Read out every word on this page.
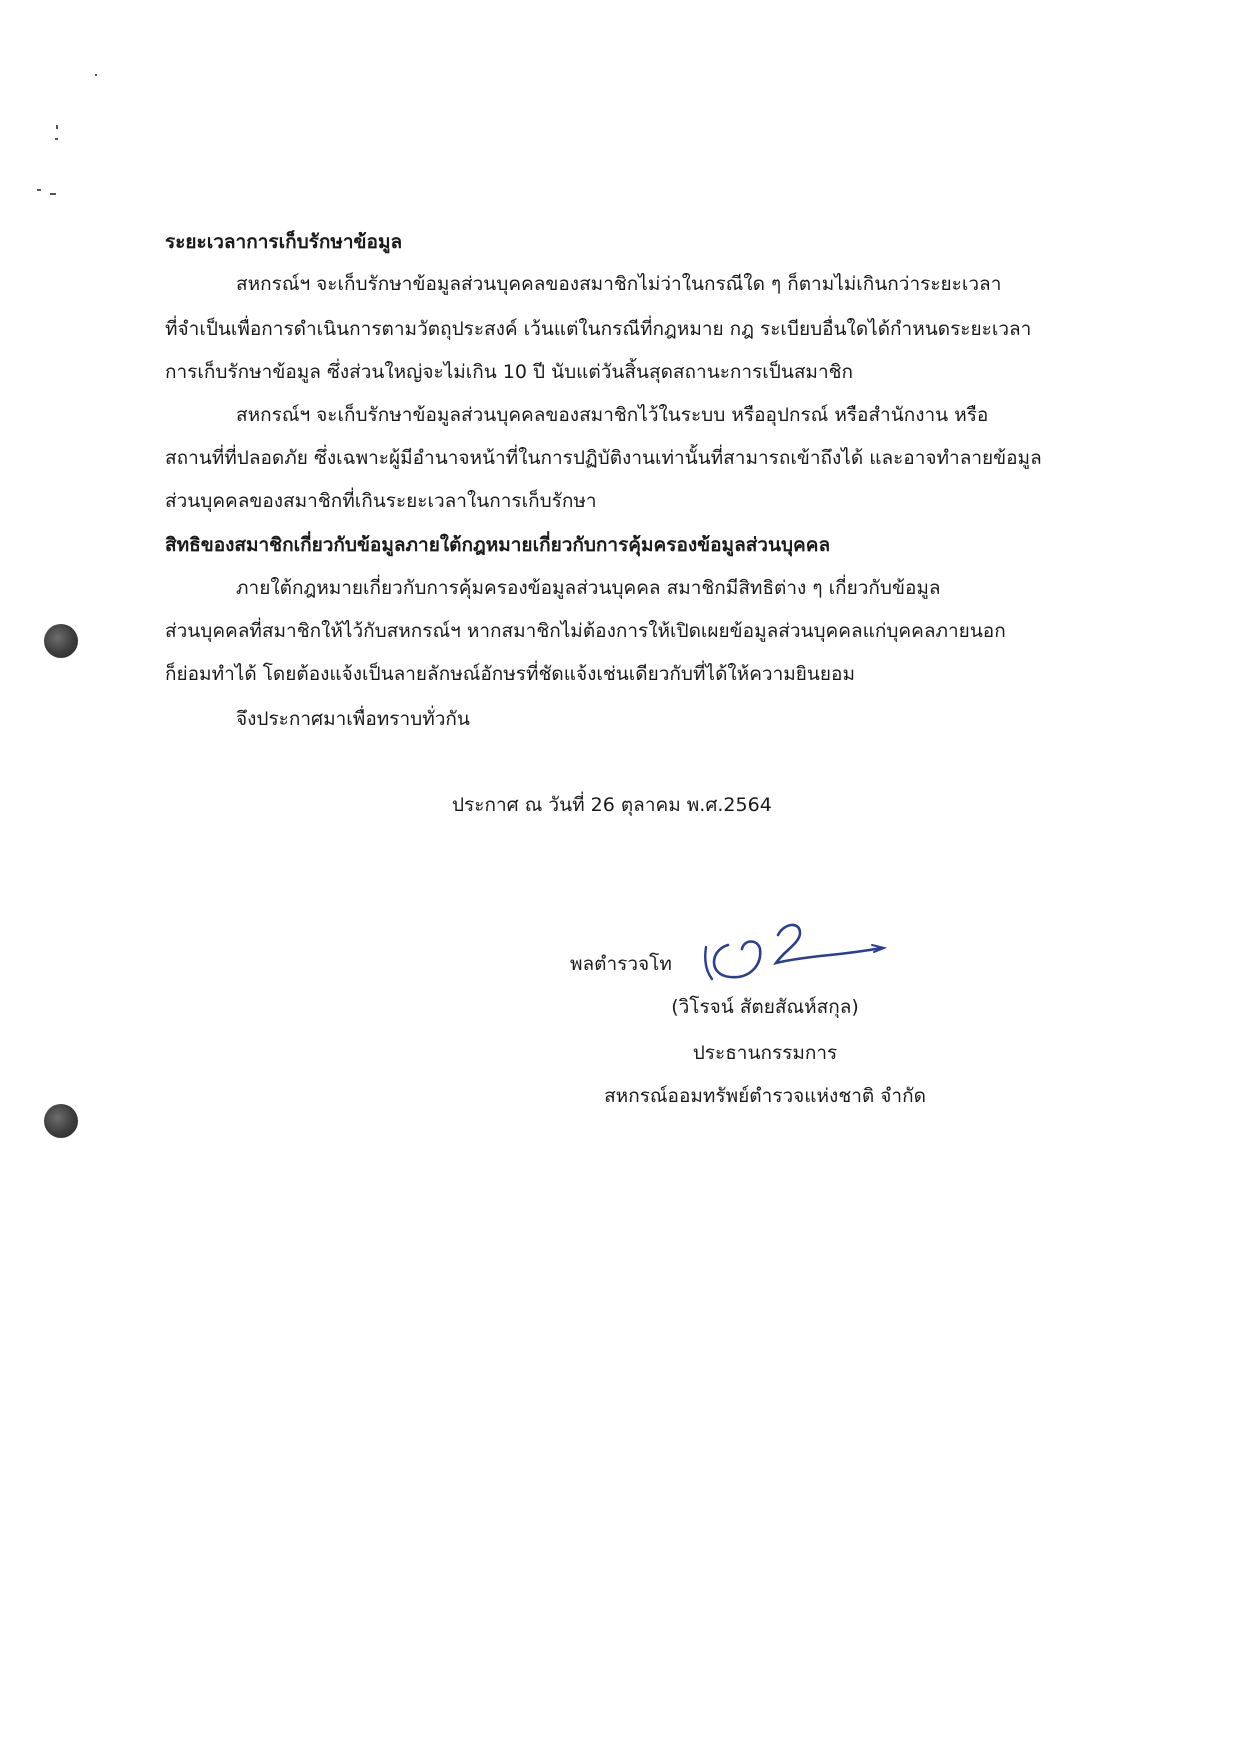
ระยะเวลาการเก็บรักษาข้อมูล
สหกรณ์ฯ จะเก็บรักษาข้อมูลส่วนบุคคลของสมาชิกไม่ว่าในกรณีใด ๆ ก็ตามไม่เกินกว่าระยะเวลา
ที่จำเป็นเพื่อการดำเนินการตามวัตถุประสงค์ เว้นแต่ในกรณีที่กฎหมาย กฎ ระเบียบอื่นใดได้กำหนดระยะเวลา
การเก็บรักษาข้อมูล ซึ่งส่วนใหญ่จะไม่เกิน 10 ปี นับแต่วันสิ้นสุดสถานะการเป็นสมาชิก
สหกรณ์ฯ จะเก็บรักษาข้อมูลส่วนบุคคลของสมาชิกไว้ในระบบ หรืออุปกรณ์ หรือสำนักงาน หรือ
สถานที่ที่ปลอดภัย ซึ่งเฉพาะผู้มีอำนาจหน้าที่ในการปฏิบัติงานเท่านั้นที่สามารถเข้าถึงได้ และอาจทำลายข้อมูล
ส่วนบุคคลของสมาชิกที่เกินระยะเวลาในการเก็บรักษา
สิทธิของสมาชิกเกี่ยวกับข้อมูลภายใต้กฎหมายเกี่ยวกับการคุ้มครองข้อมูลส่วนบุคคล
ภายใต้กฎหมายเกี่ยวกับการคุ้มครองข้อมูลส่วนบุคคล สมาชิกมีสิทธิต่าง ๆ เกี่ยวกับข้อมูล
ส่วนบุคคลที่สมาชิกให้ไว้กับสหกรณ์ฯ หากสมาชิกไม่ต้องการให้เปิดเผยข้อมูลส่วนบุคคลแก่บุคคลภายนอก
ก็ย่อมทำได้ โดยต้องแจ้งเป็นลายลักษณ์อักษรที่ชัดแจ้งเช่นเดียวกับที่ได้ให้ความยินยอม
จึงประกาศมาเพื่อทราบทั่วกัน
ประกาศ ณ วันที่ 26 ตุลาคม พ.ศ.2564
พลตำรวจโท
(วิโรจน์ สัตยสัณห์สกุล)
ประธานกรรมการ
สหกรณ์ออมทรัพย์ตำรวจแห่งชาติ จำกัด
